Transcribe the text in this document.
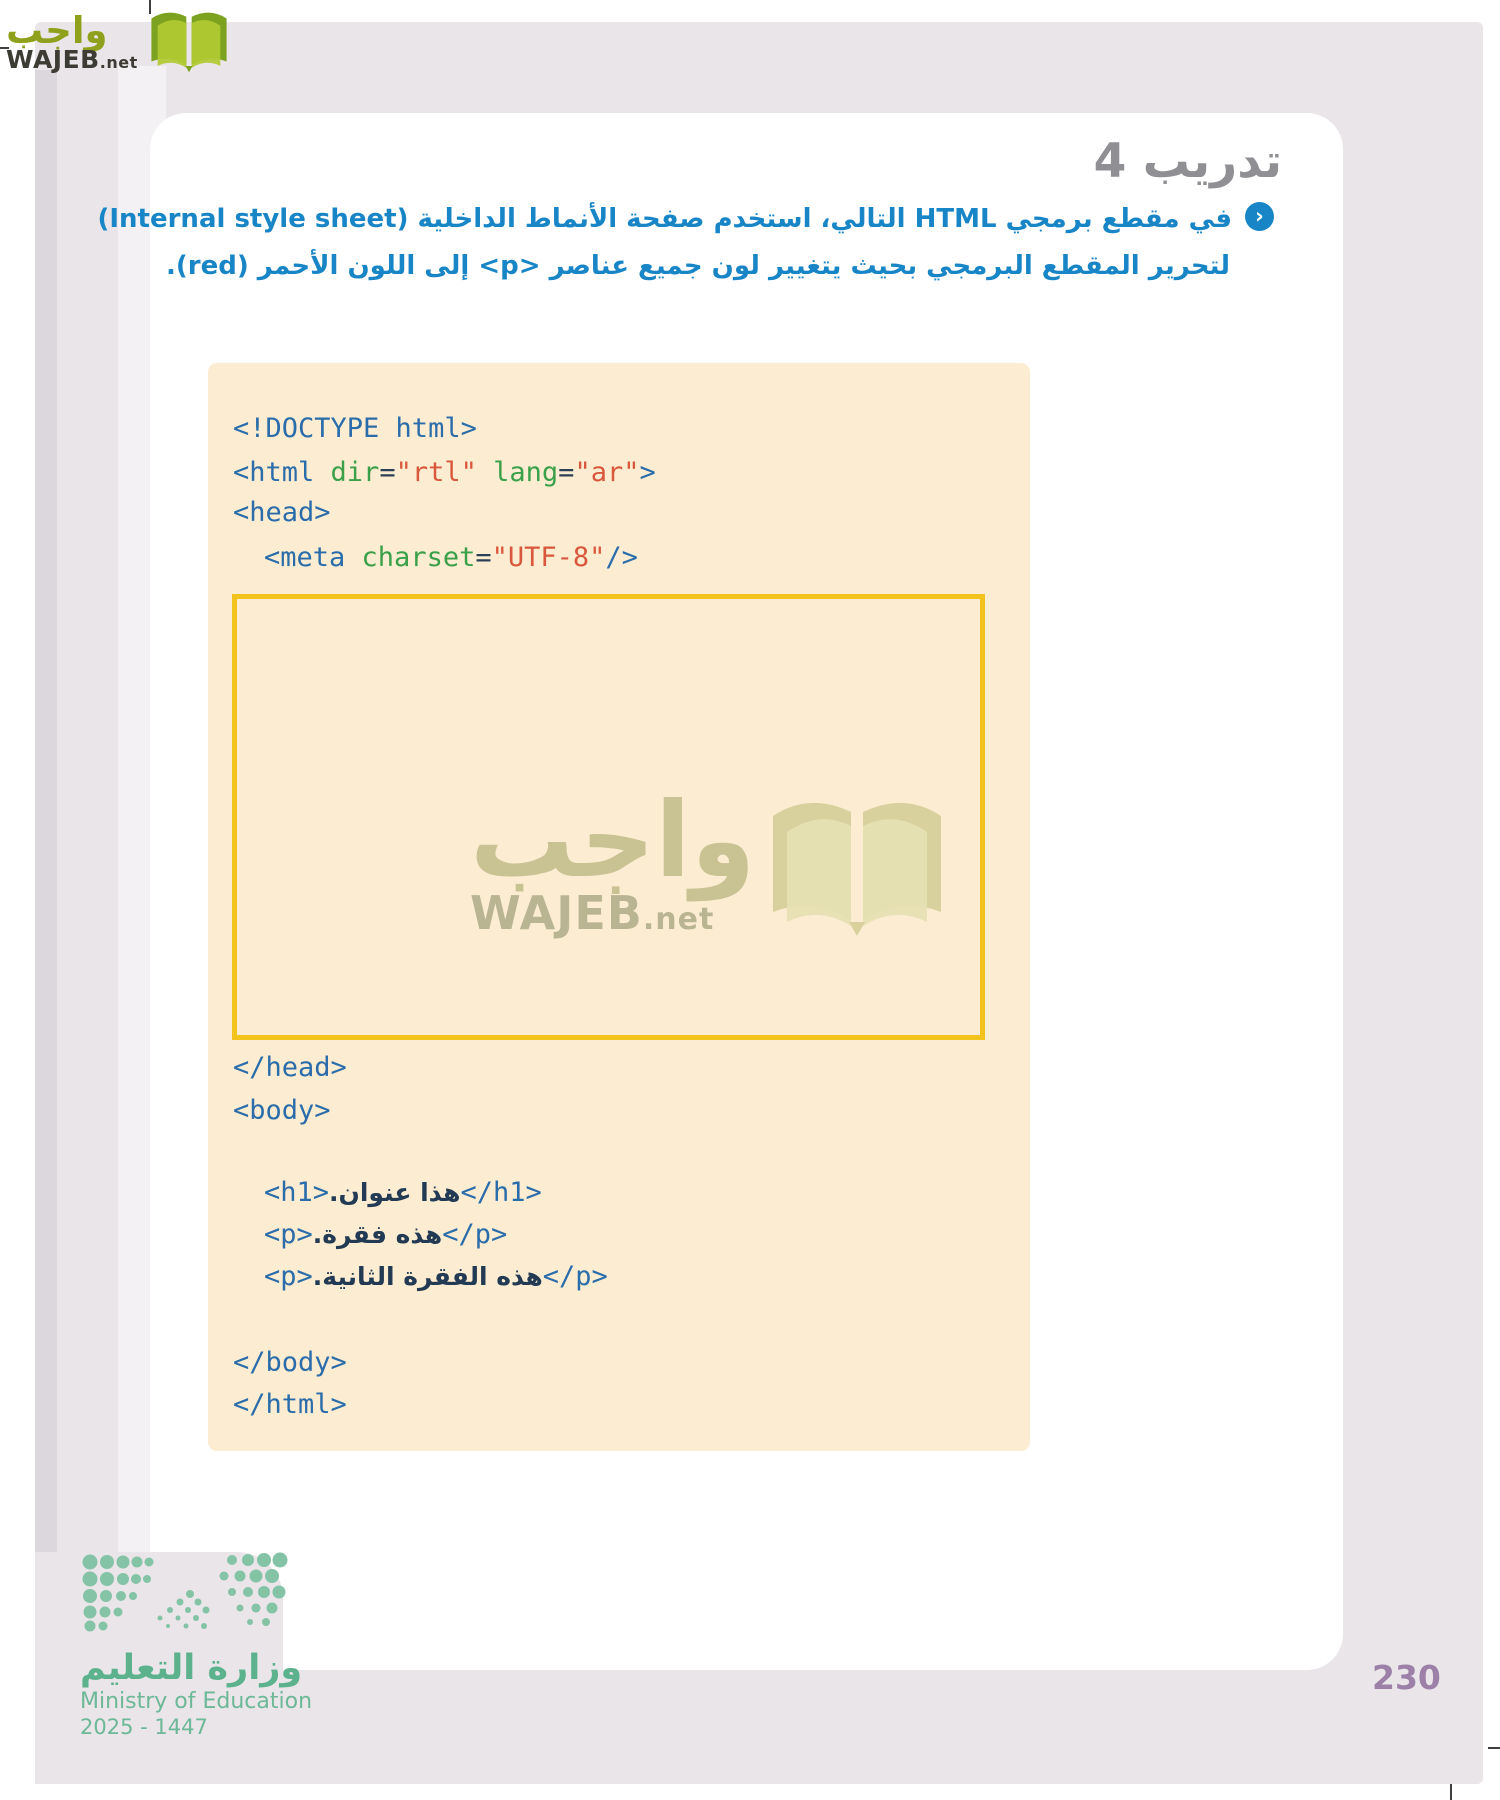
واجب
WAJEB.net
تدريب 4
‹في مقطع برمجي HTML التالي، استخدم صفحة الأنماط الداخلية (Internal style sheet)
لتحرير المقطع البرمجي بحيث يتغيير لون جميع عناصر <p> إلى اللون الأحمر (red).
<!DOCTYPE html>
<html dir="rtl" lang="ar">
<head>
<meta charset="UTF-8"/>
</head>
<body>
<h1>هذا عنوان.</h1>
<p>هذه فقرة.</p>
<p>هذه الفقرة الثانية.</p>
</body>
</html>
واجب
WAJEB.net
وزارة التعليم
Ministry of Education
2025 - 1447
230
